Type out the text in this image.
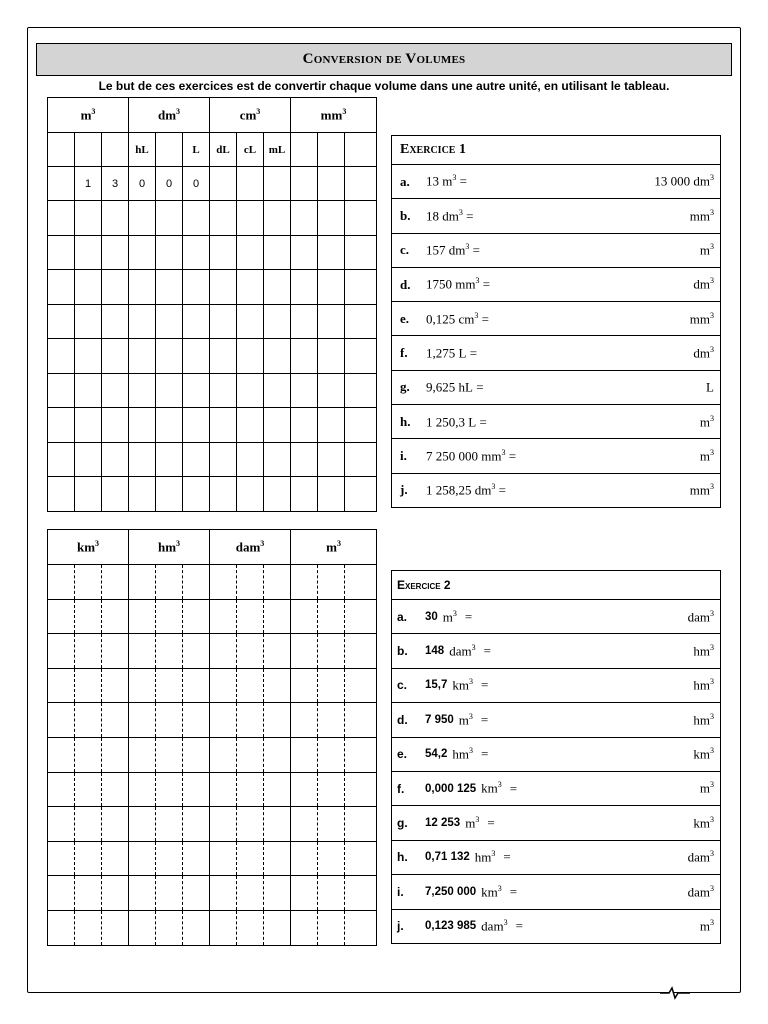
Conversion de Volumes
Le but de ces exercices est de convertir chaque volume dans une autre unité, en utilisant le tableau.
$m^3$			$dm^3$			$cm^3$			$mm^3$
			hL		L	dL	cL	mL			
	1	3	0	0	0						

$km^3$			$hm^3$			dam$^3$			$m^3$

Exercice 1

a.	13 $m^3$ =	13 000 $dm^3$

b.	18 $dm^3$ =	$mm^3$

c.	157 $dm^3$ =	$m^3$

d.	1750 $mm^3$ =	$dm^3$

e.	0,125 $cm^3$ =	$mm^3$

f.	1,275 L =	$dm^3$

g.	9,625 hL =	L

h.	1 250,3 L =	$m^3$

i.	7 250 000 $mm^3$ =	$m^3$

j.	1 258,25 $dm^3$ =	$mm^3$
Exercice 2

a.	30 $m^3$ =	dam$^3$

b.	148 dam$^3$ =	$hm^3$

c.	15,7 $km^3$ =	$hm^3$

d.	7 950 $m^3$ =	$hm^3$

e.	54,2 $hm^3$ =	$km^3$

f.	0,000 125 $km^3$ =	$m^3$

g.	12 253 $m^3$ =	$km^3$

h.	0,71 132 $hm^3$ =	dam$^3$

i.	7,250 000 $km^3$ =	dam$^3$

j.	0,123 985 dam$^3$ =	$m^3$
